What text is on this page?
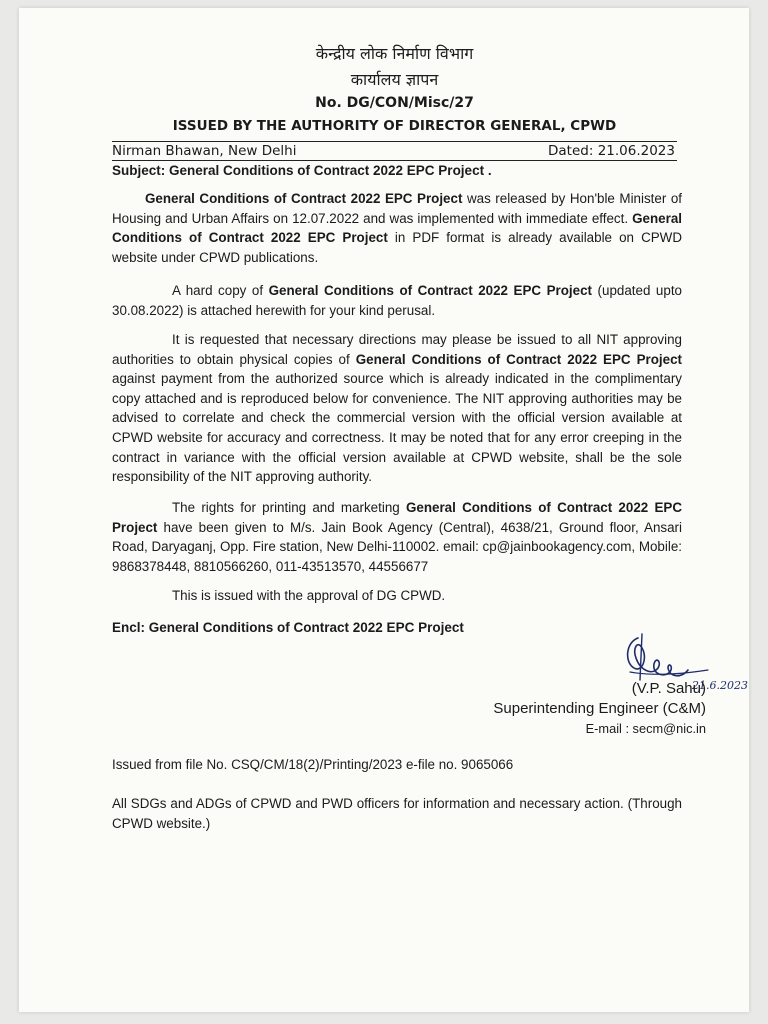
केन्द्रीय लोक निर्माण विभाग
कार्यालय ज्ञापन
No. DG/CON/Misc/27
ISSUED BY THE AUTHORITY OF DIRECTOR GENERAL, CPWD
Nirman Bhawan, New Delhi	Dated: 21.06.2023
Subject: General Conditions of Contract 2022 EPC Project .
General Conditions of Contract 2022 EPC Project was released by Hon'ble Minister of Housing and Urban Affairs on 12.07.2022 and was implemented with immediate effect. General Conditions of Contract 2022 EPC Project in PDF format is already available on CPWD website under CPWD publications.
A hard copy of General Conditions of Contract 2022 EPC Project (updated upto 30.08.2022) is attached herewith for your kind perusal.
It is requested that necessary directions may please be issued to all NIT approving authorities to obtain physical copies of General Conditions of Contract 2022 EPC Project against payment from the authorized source which is already indicated in the complimentary copy attached and is reproduced below for convenience. The NIT approving authorities may be advised to correlate and check the commercial version with the official version available at CPWD website for accuracy and correctness. It may be noted that for any error creeping in the contract in variance with the official version available at CPWD website, shall be the sole responsibility of the NIT approving authority.
The rights for printing and marketing General Conditions of Contract 2022 EPC Project have been given to M/s. Jain Book Agency (Central), 4638/21, Ground floor, Ansari Road, Daryaganj, Opp. Fire station, New Delhi-110002. email: cp@jainbookagency.com, Mobile: 9868378448, 8810566260, 011-43513570, 44556677
This is issued with the approval of DG CPWD.
Encl: General Conditions of Contract 2022 EPC Project
21.6.2023
(V.P. Sahu)
Superintending Engineer (C&M)
E-mail : secm@nic.in
Issued from file No. CSQ/CM/18(2)/Printing/2023 e-file no. 9065066
All SDGs and ADGs of CPWD and PWD officers for information and necessary action. (Through CPWD website.)
